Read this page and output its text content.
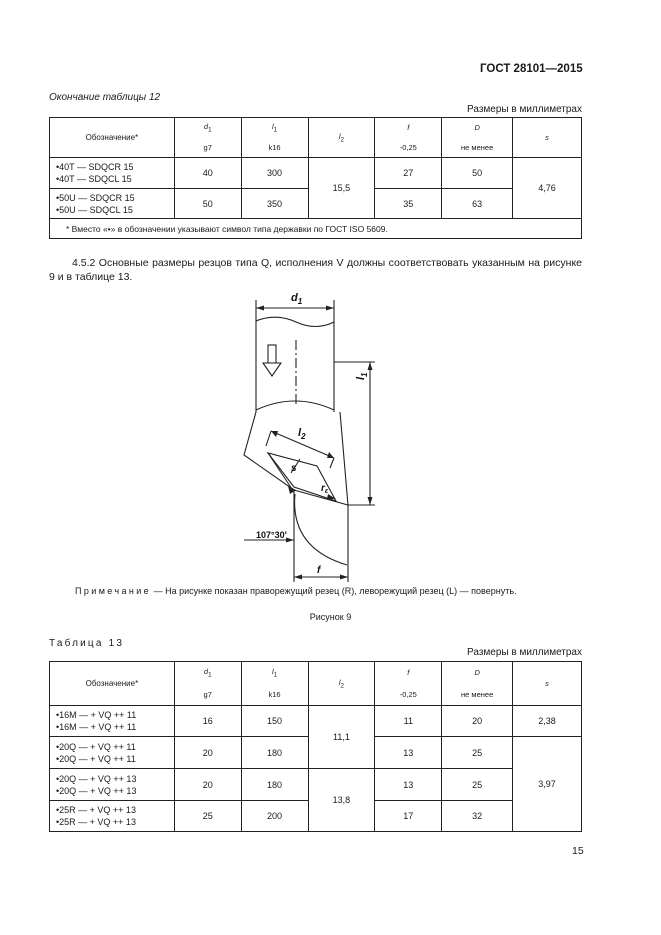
ГОСТ 28101—2015
Окончание таблицы 12
Размеры в миллиметрах
Обозначение*	$d_1$	$l_1$	$l_2$	f	D	s
	g7	k16		-0,25	не менее	
•40T — SDQCR 15
•40T — SDQCL 15	40	300	15,5	27	50	4,76
•50U — SDQCR 15
•50U — SDQCL 15	50	350		35	63	
* Вместо «•» в обозначении указывают символ типа державки по ГОСТ ISO 5609.						
4.5.2 Основные размеры резцов типа Q, исполнения V должны соответствовать указанным на рисунке 9 и в таблице 13.
$d_1$
$l_1$
$l_2$
s
$r_\varepsilon$
f
107°30'
Примечание — На рисунке показан праворежущий резец (R), леворежущий резец (L) — повернуть.
Рисунок 9
Таблица 13
Размеры в миллиметрах
Обозначение*	$d_1$	$l_1$	$l_2$	f	D	s
	g7	k16		-0,25	не менее	
•16M — + VQ ++ 11
•16M — + VQ ++ 11	16	150	11,1	11	20	2,38
•20Q — + VQ ++ 11
•20Q — + VQ ++ 11	20	180		13	25	3,97
•20Q — + VQ ++ 13
•20Q — + VQ ++ 13	20	180	13,8	13	25	
•25R — + VQ ++ 13
•25R — + VQ ++ 13	25	200		17	32	
15
